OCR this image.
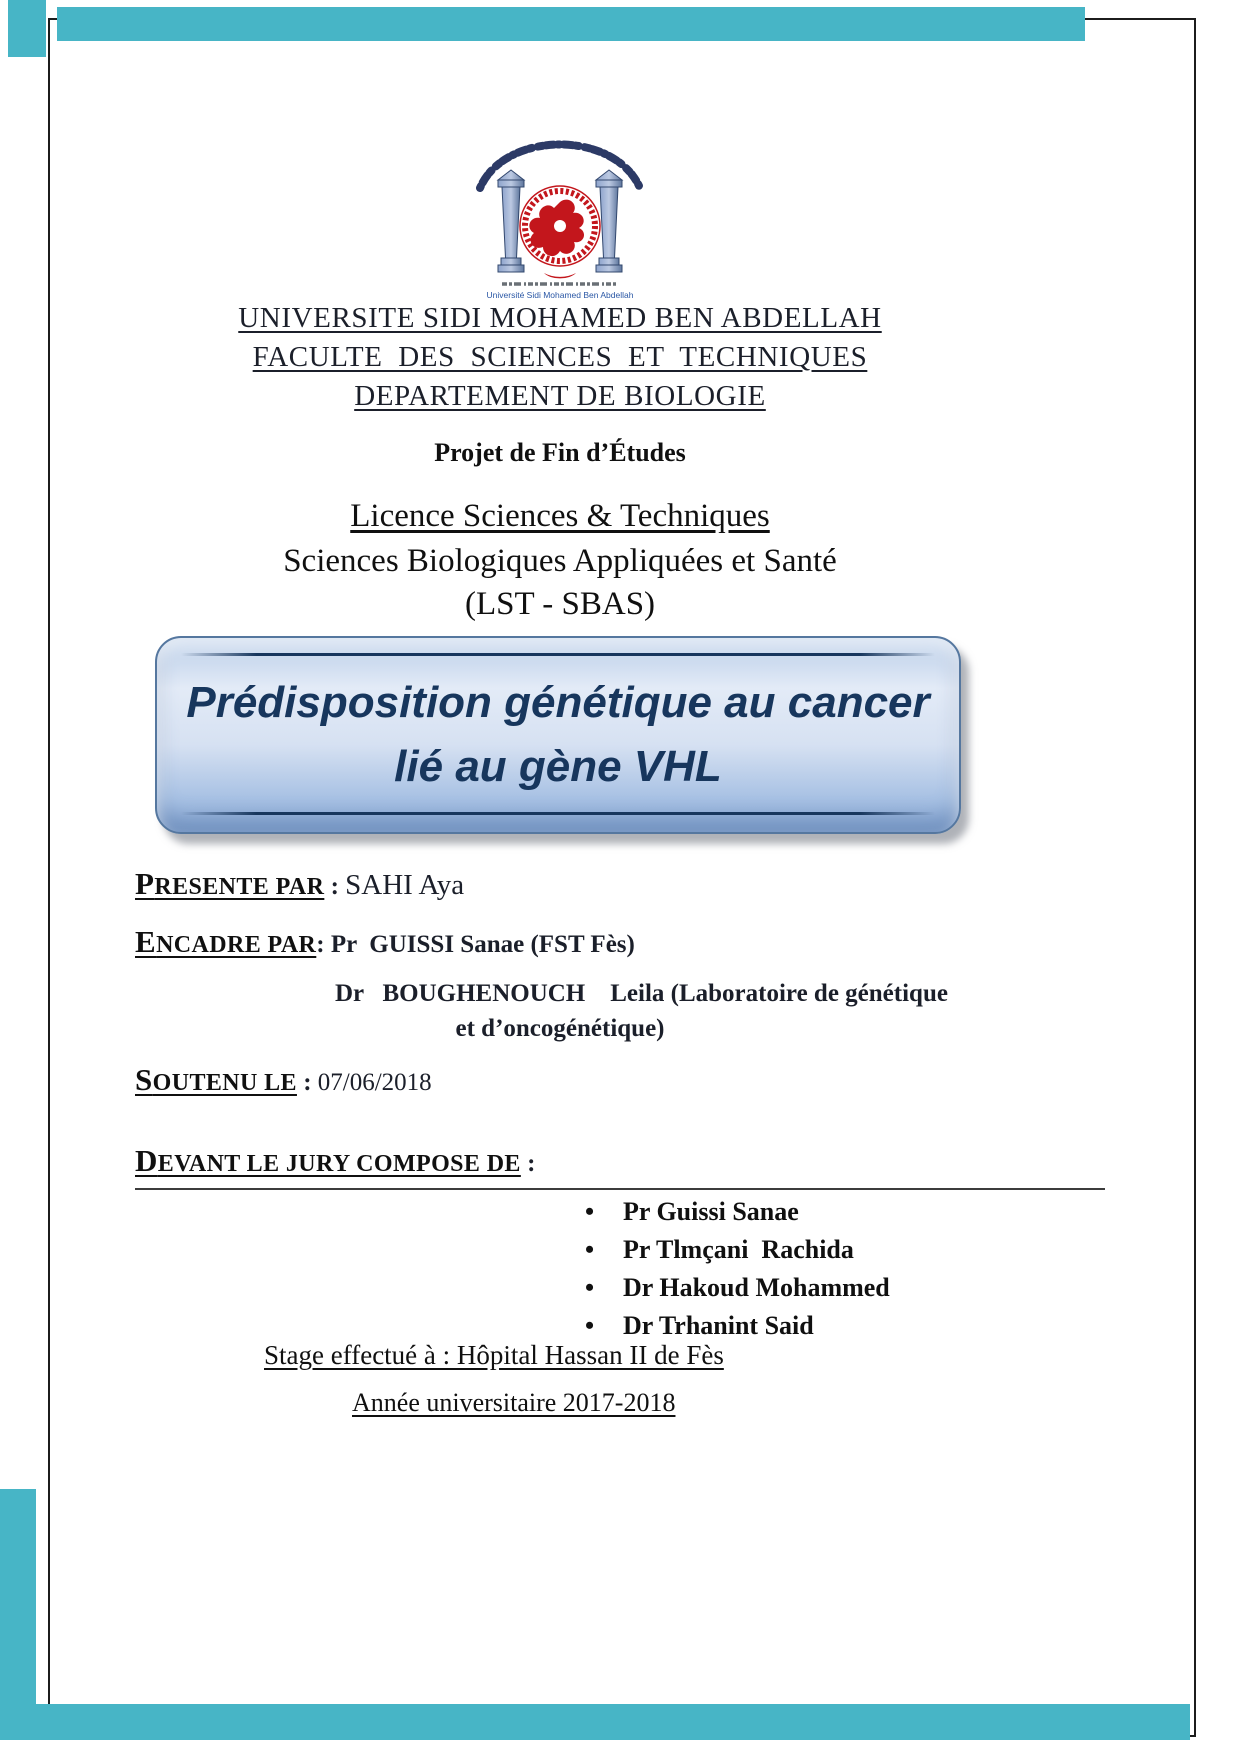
Université Sidi Mohamed Ben Abdellah
UNIVERSITE SIDI MOHAMED BEN ABDELLAH
FACULTE  DES  SCIENCES  ET  TECHNIQUES
DEPARTEMENT DE BIOLOGIE
Projet de Fin d’Études
Licence Sciences & Techniques
Sciences Biologiques Appliquées et Santé
(LST - SBAS)
Prédisposition génétique au cancer
lié au gène VHL
PRESENTE PAR : SAHI Aya
ENCADRE PAR: Pr  GUISSI Sanae (FST Fès)
Dr   BOUGHENOUCH    Leila (Laboratoire de génétique
et d’oncogénétique)
SOUTENU LE : 07/06/2018
DEVANT LE JURY COMPOSE DE :
•	Pr Guissi Sanae
•	Pr Tlmçani  Rachida
•	Dr Hakoud Mohammed
•	Dr Trhanint Said
Stage effectué à : Hôpital Hassan II de Fès
Année universitaire 2017-2018
